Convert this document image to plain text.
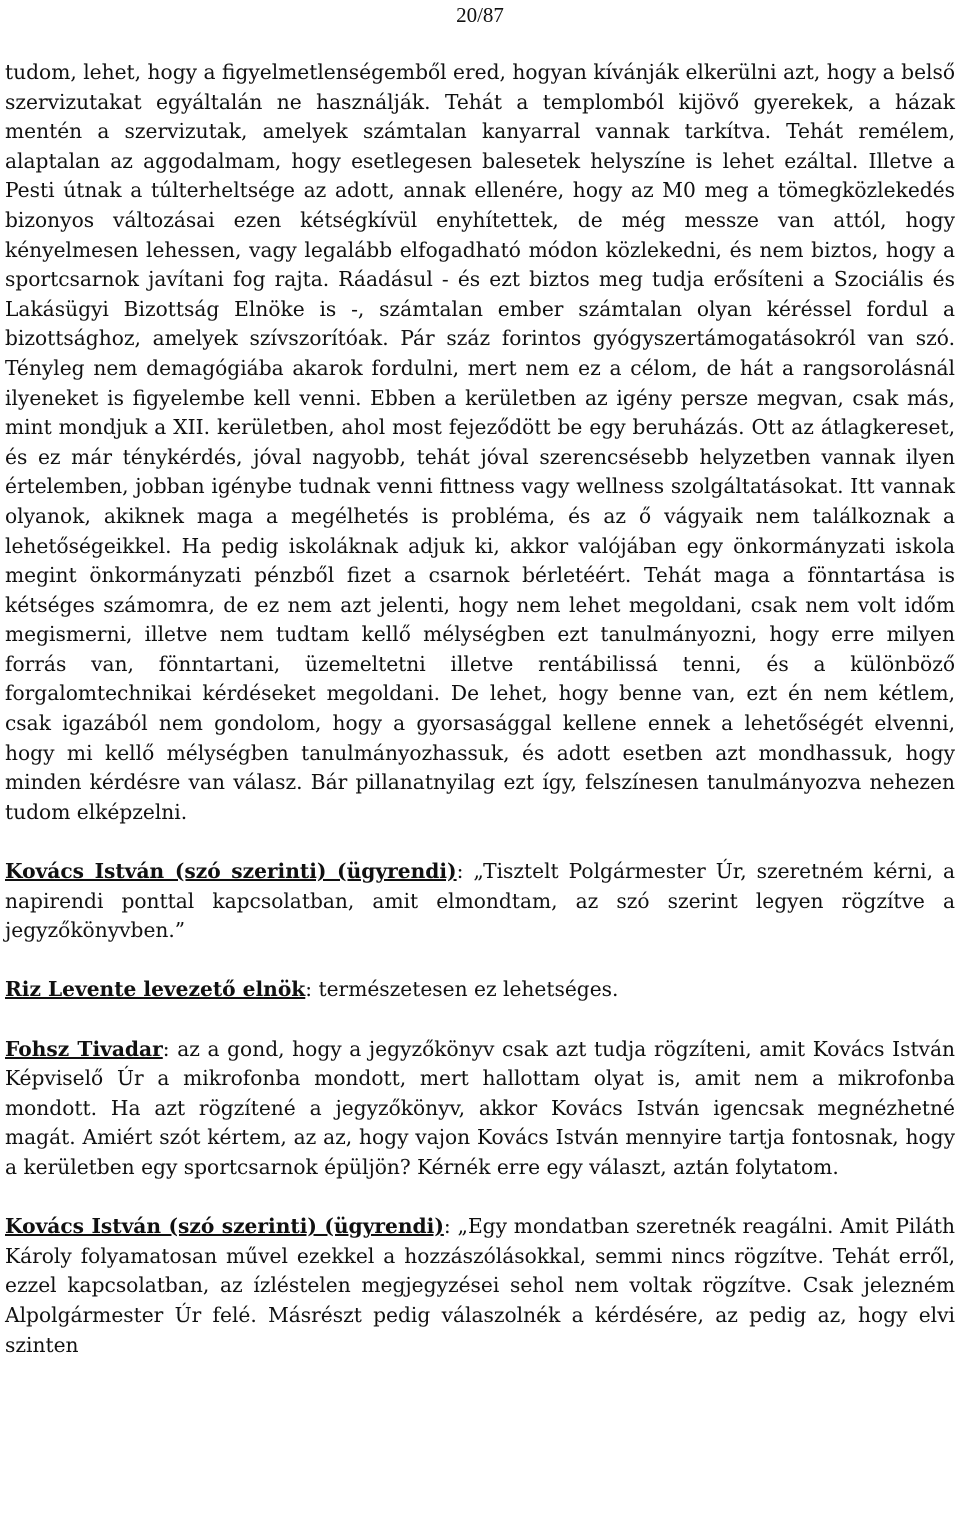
20/87

tudom, lehet, hogy a figyelmetlenségemből ered, hogyan kívánják elkerülni azt, hogy a belső szervizutakat egyáltalán ne használják. Tehát a templomból kijövő gyerekek, a házak mentén a szervizutak, amelyek számtalan kanyarral vannak tarkítva. Tehát remélem, alaptalan az aggodalmam, hogy esetlegesen balesetek helyszíne is lehet ezáltal. Illetve a Pesti útnak a túlterheltsége az adott, annak ellenére, hogy az M0 meg a tömegközlekedés bizonyos változásai ezen kétségkívül enyhítettek, de még messze van attól, hogy kényelmesen lehessen, vagy legalább elfogadható módon közlekedni, és nem biztos, hogy a sportcsarnok javítani fog rajta. Ráadásul - és ezt biztos meg tudja erősíteni a Szociális és Lakásügyi Bizottság Elnöke is -, számtalan ember számtalan olyan kéréssel fordul a bizottsághoz, amelyek szívszorítóak. Pár száz forintos gyógyszertámogatásokról van szó. Tényleg nem demagógiába akarok fordulni, mert nem ez a célom, de hát a rangsorolásnál ilyeneket is figyelembe kell venni. Ebben a kerületben az igény persze megvan, csak más, mint mondjuk a XII. kerületben, ahol most fejeződött be egy beruházás. Ott az átlagkereset, és ez már ténykérdés, jóval nagyobb, tehát jóval szerencsésebb helyzetben vannak ilyen értelemben, jobban igénybe tudnak venni fittness vagy wellness szolgáltatásokat. Itt vannak olyanok, akiknek maga a megélhetés is probléma, és az ő vágyaik nem találkoznak a lehetőségeikkel. Ha pedig iskoláknak adjuk ki, akkor valójában egy önkormányzati iskola megint önkormányzati pénzből fizet a csarnok bérletéért. Tehát maga a fönntartása is kétséges számomra, de ez nem azt jelenti, hogy nem lehet megoldani, csak nem volt időm megismerni, illetve nem tudtam kellő mélységben ezt tanulmányozni, hogy erre milyen forrás van, fönntartani, üzemeltetni illetve rentábilissá tenni, és a különböző forgalomtechnikai kérdéseket megoldani. De lehet, hogy benne van, ezt én nem kétlem, csak igazából nem gondolom, hogy a gyorsasággal kellene ennek a lehetőségét elvenni, hogy mi kellő mélységben tanulmányozhassuk, és adott esetben azt mondhassuk, hogy minden kérdésre van válasz. Bár pillanatnyilag ezt így, felszínesen tanulmányozva nehezen tudom elképzelni.

Kovács István (szó szerinti) (ügyrendi): „Tisztelt Polgármester Úr, szeretném kérni, a napirendi ponttal kapcsolatban, amit elmondtam, az szó szerint legyen rögzítve a jegyzőkönyvben.”

Riz Levente levezető elnök: természetesen ez lehetséges.

Fohsz Tivadar: az a gond, hogy a jegyzőkönyv csak azt tudja rögzíteni, amit Kovács István Képviselő Úr a mikrofonba mondott, mert hallottam olyat is, amit nem a mikrofonba mondott. Ha azt rögzítené a jegyzőkönyv, akkor Kovács István igencsak megnézhetné magát. Amiért szót kértem, az az, hogy vajon Kovács István mennyire tartja fontosnak, hogy a kerületben egy sportcsarnok épüljön? Kérnék erre egy választ, aztán folytatom.

Kovács István (szó szerinti) (ügyrendi): „Egy mondatban szeretnék reagálni. Amit Piláth Károly folyamatosan művel ezekkel a hozzászólásokkal, semmi nincs rögzítve. Tehát erről, ezzel kapcsolatban, az ízléstelen megjegyzései sehol nem voltak rögzítve. Csak jelezném Alpolgármester Úr felé. Másrészt pedig válaszolnék a kérdésére, az pedig az, hogy elvi szinten
